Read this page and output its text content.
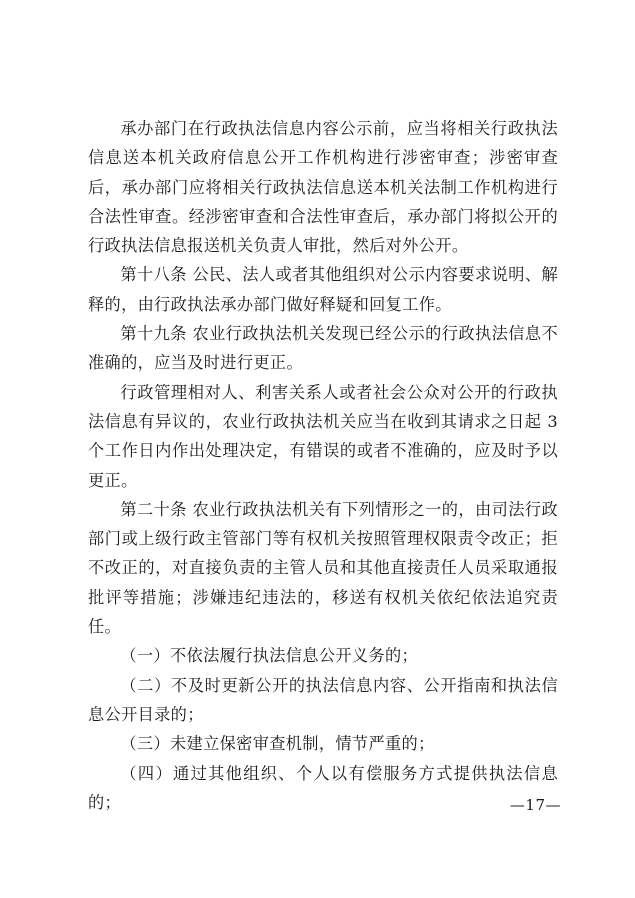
承办部门在行政执法信息内容公示前，应当将相关行政执法信息送本机关政府信息公开工作机构进行涉密审查；涉密审查后，承办部门应将相关行政执法信息送本机关法制工作机构进行合法性审查。经涉密审查和合法性审查后，承办部门将拟公开的行政执法信息报送机关负责人审批，然后对外公开。

第十八条 公民、法人或者其他组织对公示内容要求说明、解释的，由行政执法承办部门做好释疑和回复工作。

第十九条 农业行政执法机关发现已经公示的行政执法信息不准确的，应当及时进行更正。

行政管理相对人、利害关系人或者社会公众对公开的行政执法信息有异议的，农业行政执法机关应当在收到其请求之日起 3 个工作日内作出处理决定，有错误的或者不准确的，应及时予以更正。

第二十条 农业行政执法机关有下列情形之一的，由司法行政部门或上级行政主管部门等有权机关按照管理权限责令改正；拒不改正的，对直接负责的主管人员和其他直接责任人员采取通报批评等措施；涉嫌违纪违法的，移送有权机关依纪依法追究责任。

（一）不依法履行执法信息公开义务的；

（二）不及时更新公开的执法信息内容、公开指南和执法信息公开目录的；

（三）未建立保密审查机制，情节严重的；

（四）通过其他组织、个人以有偿服务方式提供执法信息的；	—17—
